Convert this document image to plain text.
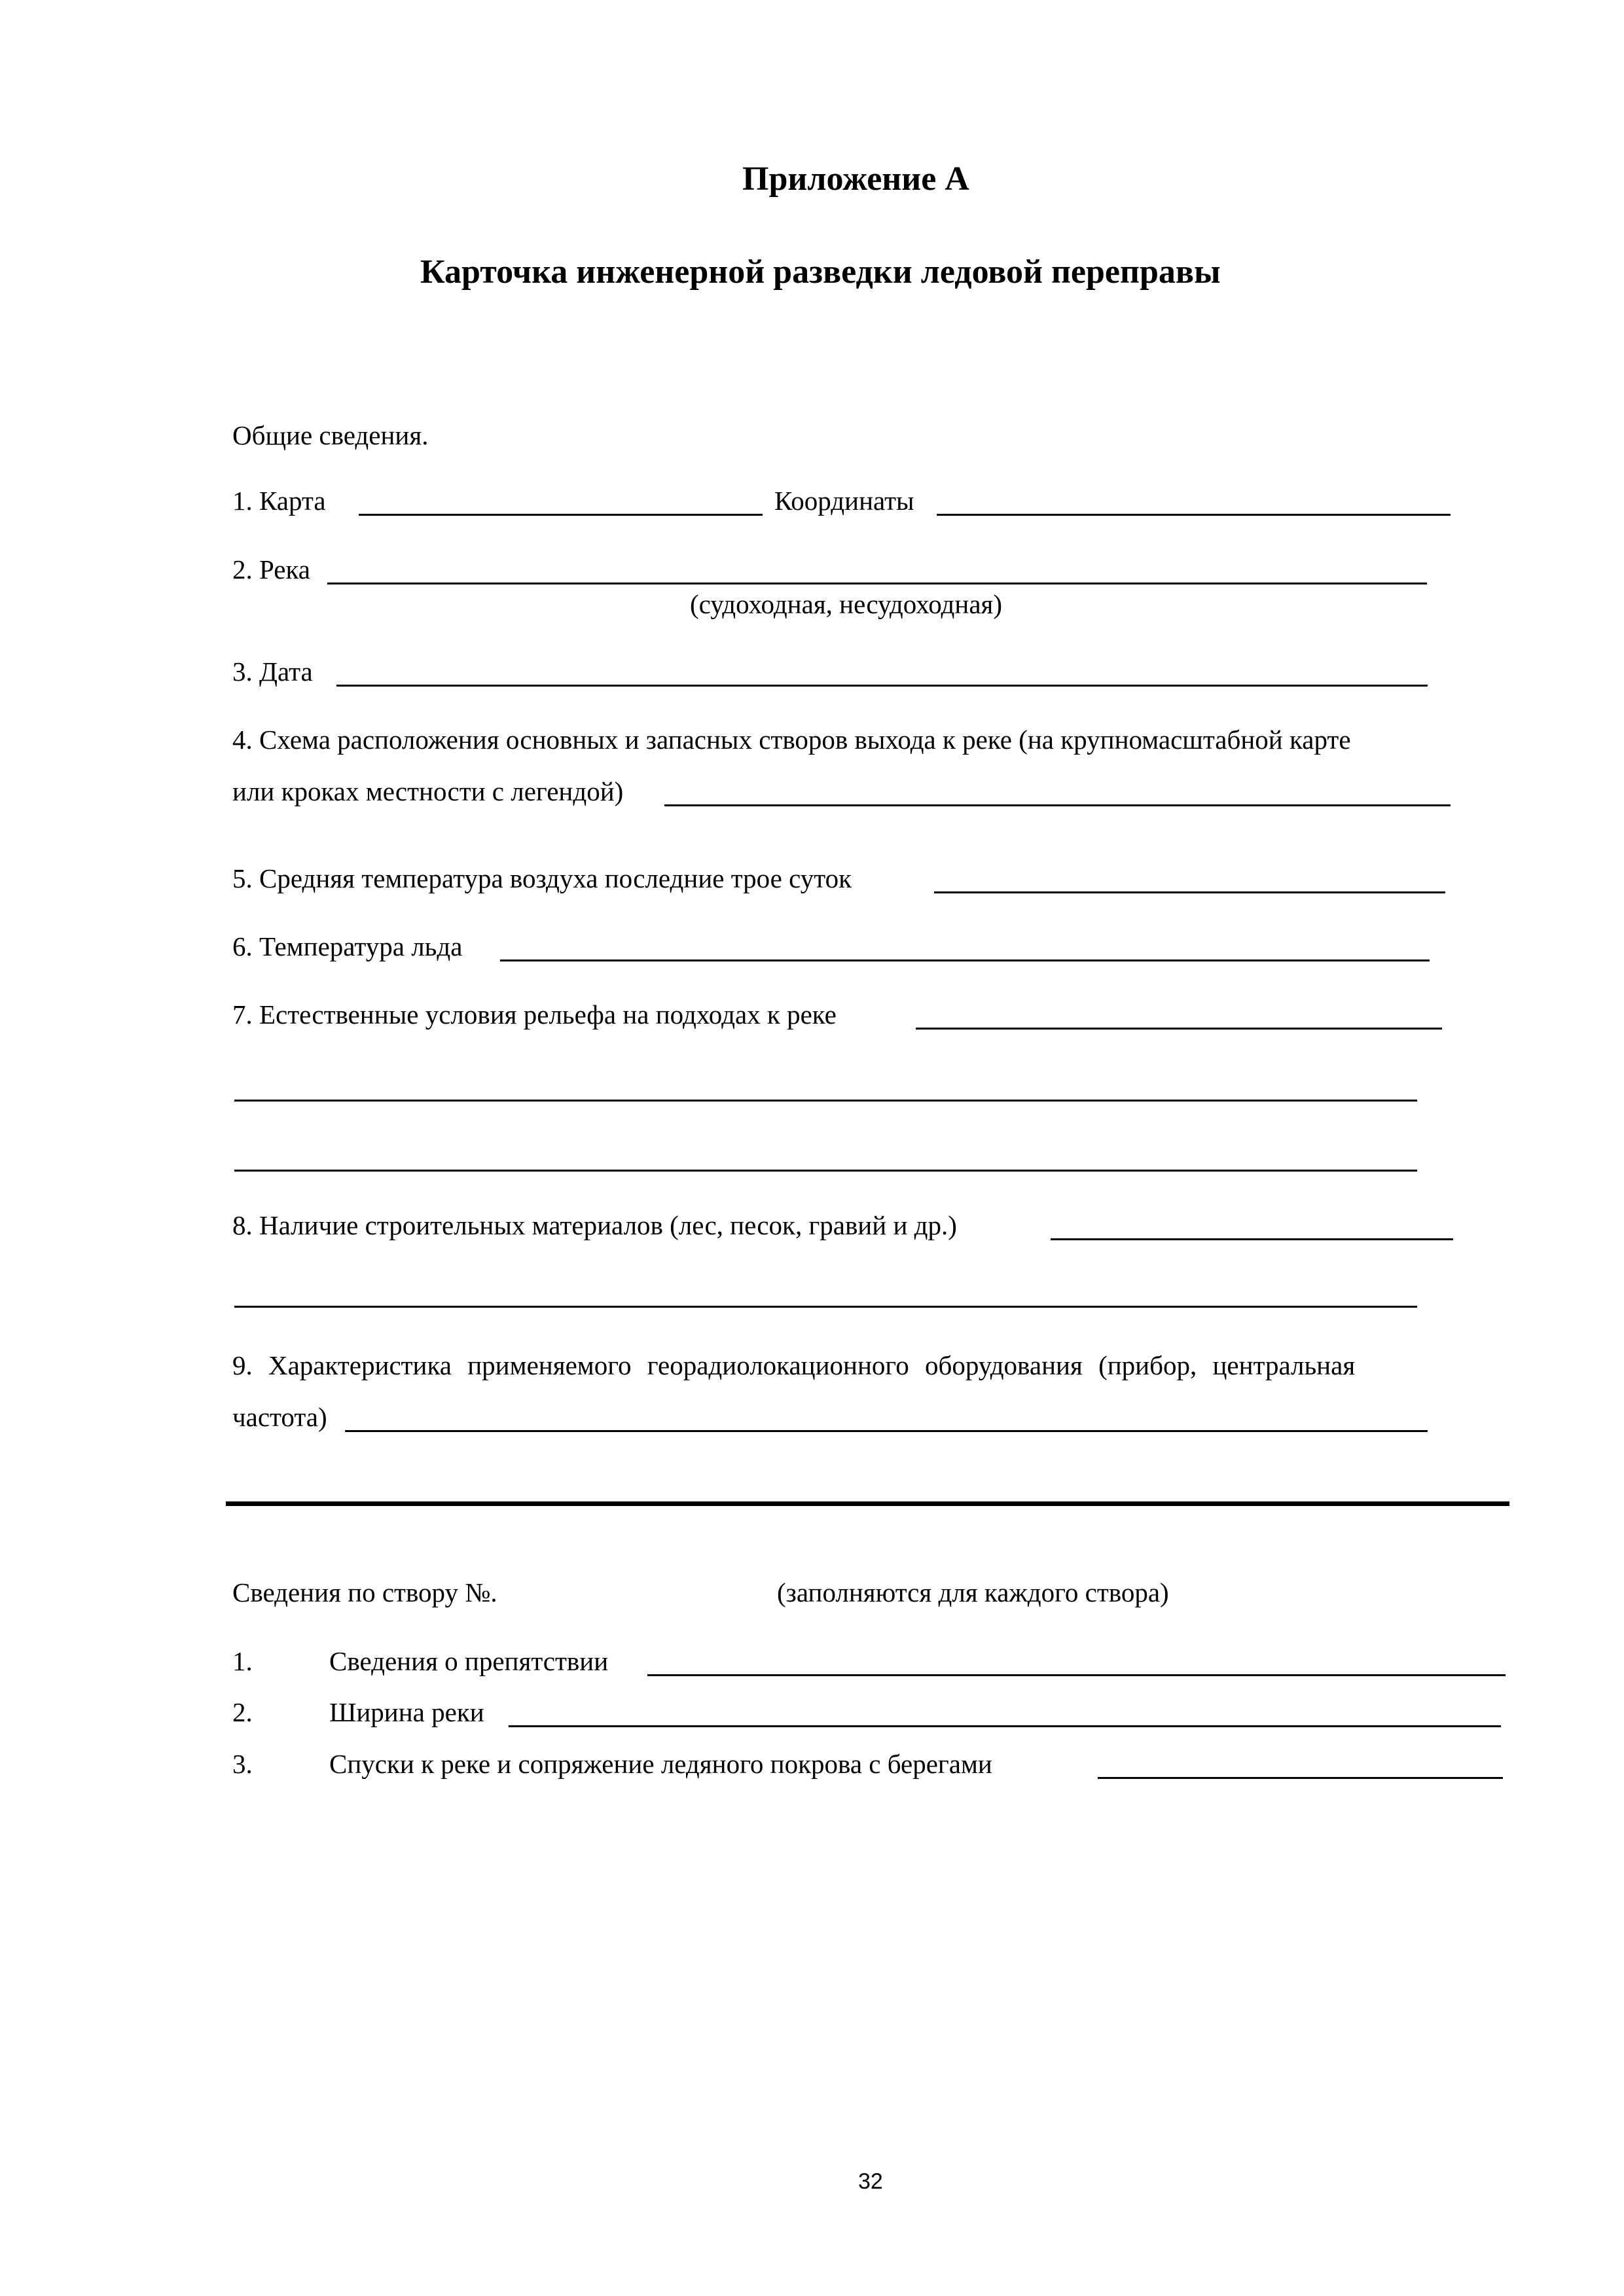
Приложение А
Карточка инженерной разведки ледовой переправы
Общие сведения.
1. Карта	Координаты
2. Река
(судоходная, несудоходная)
3. Дата
4. Схема расположения основных и запасных створов выхода к реке (на крупномасштабной карте
или кроках местности с легендой)
5. Средняя температура воздуха последние трое суток
6. Температура льда
7. Естественные условия рельефа на подходах к реке
8. Наличие строительных материалов (лес, песок, гравий и др.)
9. Характеристика применяемого георадиолокационного оборудования (прибор, центральная
частота)
Сведения по створу №.	(заполняются для каждого створа)
1.	Сведения о препятствии
2.	Ширина реки
3.	Спуски к реке и сопряжение ледяного покрова с берегами
32
